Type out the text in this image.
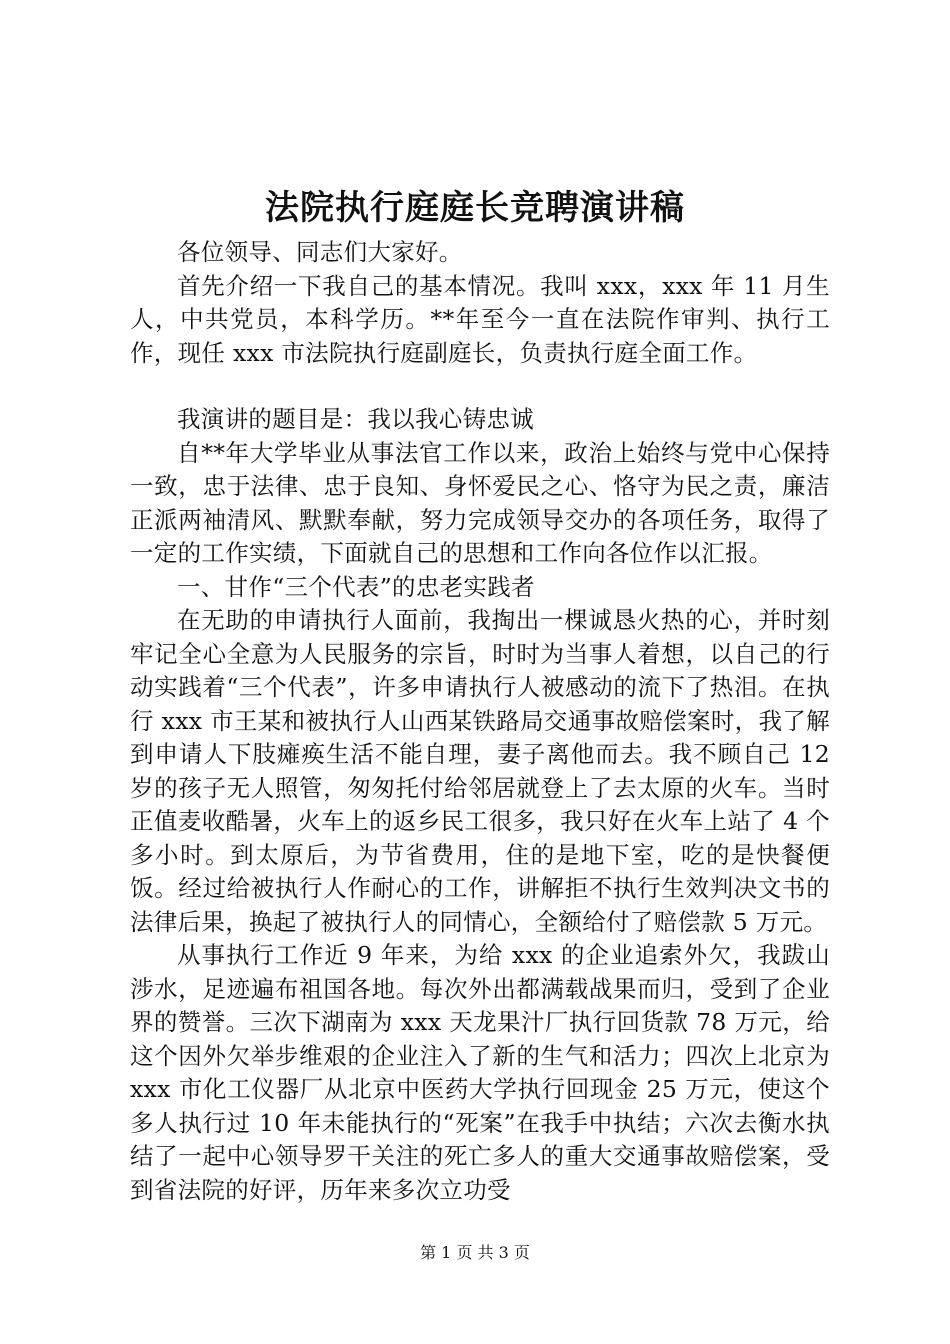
法院执行庭庭长竞聘演讲稿

各位领导、同志们大家好。

首先介绍一下我自己的基本情况。我叫 xxx，xxx 年 11 月生人，中共党员，本科学历。**年至今一直在法院作审判、执行工作，现任 xxx 市法院执行庭副庭长，负责执行庭全面工作。

我演讲的题目是：我以我心铸忠诚

自**年大学毕业从事法官工作以来，政治上始终与党中心保持一致，忠于法律、忠于良知、身怀爱民之心、恪守为民之责，廉洁正派两袖清风、默默奉献，努力完成领导交办的各项任务，取得了一定的工作实绩，下面就自己的思想和工作向各位作以汇报。

一、甘作“三个代表”的忠老实践者

在无助的申请执行人面前，我掏出一棵诚恳火热的心，并时刻牢记全心全意为人民服务的宗旨，时时为当事人着想，以自己的行动实践着“三个代表”，许多申请执行人被感动的流下了热泪。在执行 xxx 市王某和被执行人山西某铁路局交通事故赔偿案时，我了解到申请人下肢瘫痪生活不能自理，妻子离他而去。我不顾自己 12 岁的孩子无人照管，匆匆托付给邻居就登上了去太原的火车。当时正值麦收酷暑，火车上的返乡民工很多，我只好在火车上站了 4 个多小时。到太原后，为节省费用，住的是地下室，吃的是快餐便饭。经过给被执行人作耐心的工作，讲解拒不执行生效判决文书的法律后果，换起了被执行人的同情心，全额给付了赔偿款 5 万元。

从事执行工作近 9 年来，为给 xxx 的企业追索外欠，我跋山涉水，足迹遍布祖国各地。每次外出都满载战果而归，受到了企业界的赞誉。三次下湖南为 xxx 天龙果汁厂执行回货款 78 万元，给这个因外欠举步维艰的企业注入了新的生气和活力；四次上北京为 xxx 市化工仪器厂从北京中医药大学执行回现金 25 万元，使这个多人执行过 10 年未能执行的“死案”在我手中执结；六次去衡水执结了一起中心领导罗干关注的死亡多人的重大交通事故赔偿案，受到省法院的好评，历年来多次立功受

第 1 页 共 3 页
